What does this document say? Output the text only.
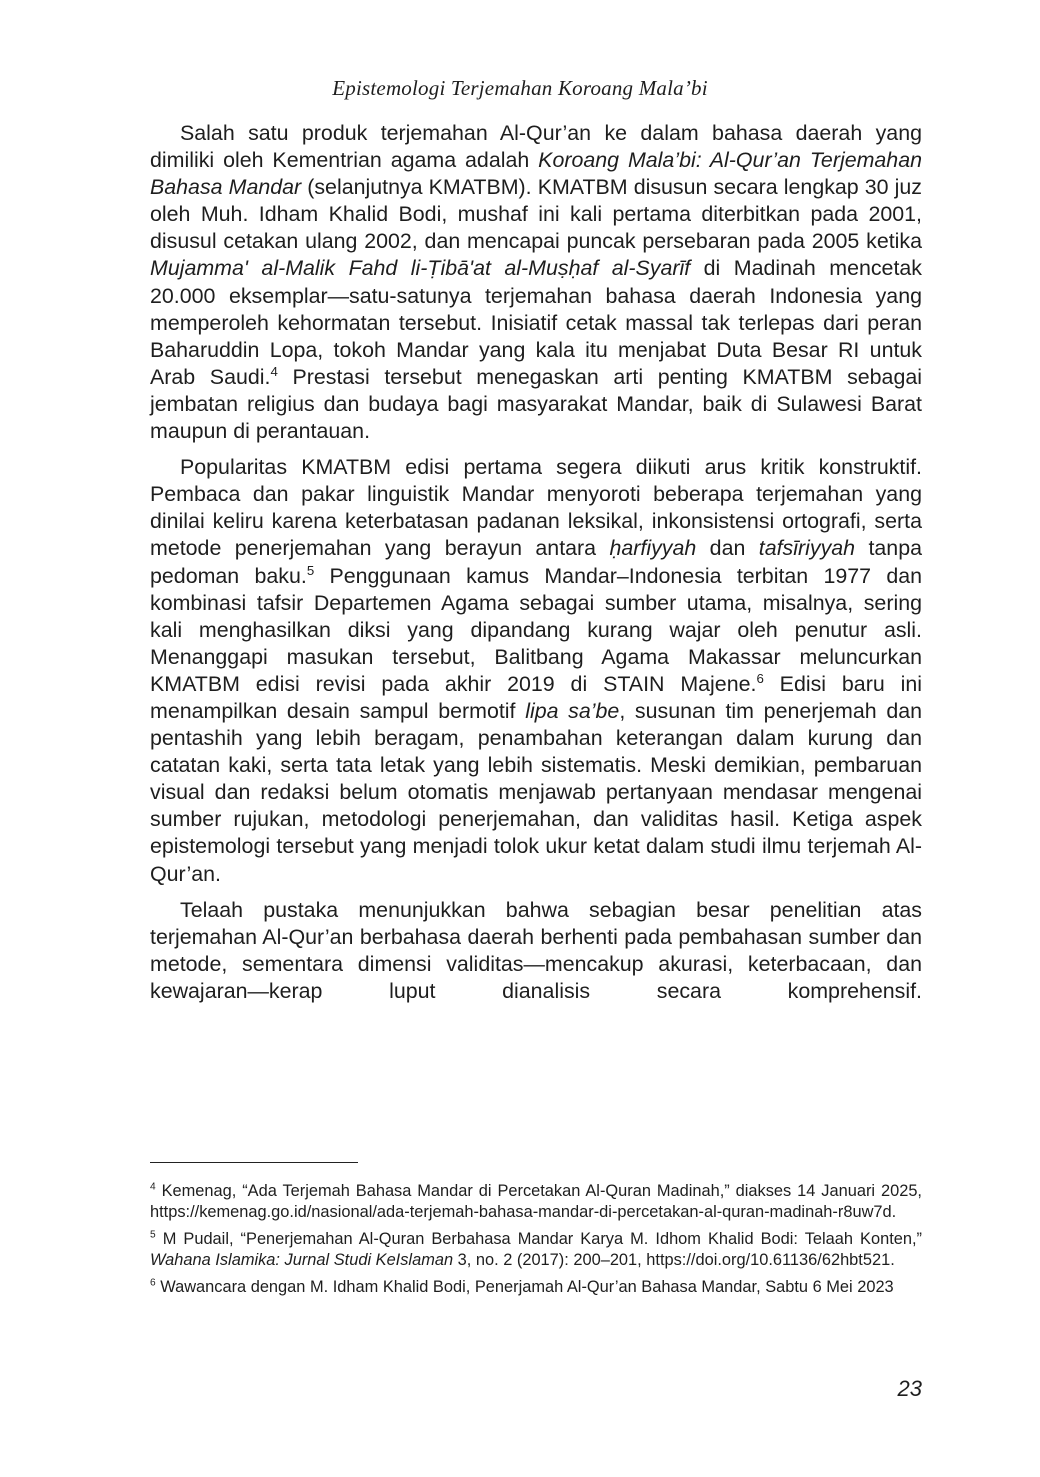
Epistemologi Terjemahan Koroang Mala’bi

Salah satu produk terjemahan Al-Qur’an ke dalam bahasa daerah yang dimiliki oleh Kementrian agama adalah Koroang Mala’bi: Al-Qur’an Terjemahan Bahasa Mandar (selanjutnya KMATBM). KMATBM disusun secara lengkap 30 juz oleh Muh. Idham Khalid Bodi, mushaf ini kali pertama diterbitkan pada 2001, disusul cetakan ulang 2002, dan mencapai puncak persebaran pada 2005 ketika Mujamma' al-Malik Fahd li-Ṭibā'at al-Muṣḥaf al-Syarīf di Madinah mencetak 20.000 eksemplar—satu-satunya terjemahan bahasa daerah Indonesia yang memperoleh kehormatan tersebut. Inisiatif cetak massal tak terlepas dari peran Baharuddin Lopa, tokoh Mandar yang kala itu menjabat Duta Besar RI untuk Arab Saudi.$^4$ Prestasi tersebut menegaskan arti penting KMATBM sebagai jembatan religius dan budaya bagi masyarakat Mandar, baik di Sulawesi Barat maupun di perantauan.

Popularitas KMATBM edisi pertama segera diikuti arus kritik konstruktif. Pembaca dan pakar linguistik Mandar menyoroti beberapa terjemahan yang dinilai keliru karena keterbatasan padanan leksikal, inkonsistensi ortografi, serta metode penerjemahan yang berayun antara ḥarfiyyah dan tafsīriyyah tanpa pedoman baku.$^5$ Penggunaan kamus Mandar–Indonesia terbitan 1977 dan kombinasi tafsir Departemen Agama sebagai sumber utama, misalnya, sering kali menghasilkan diksi yang dipandang kurang wajar oleh penutur asli. Menanggapi masukan tersebut, Balitbang Agama Makassar meluncurkan KMATBM edisi revisi pada akhir 2019 di STAIN Majene.$^6$ Edisi baru ini menampilkan desain sampul bermotif lipa sa’be, susunan tim penerjemah dan pentashih yang lebih beragam, penambahan keterangan dalam kurung dan catatan kaki, serta tata letak yang lebih sistematis. Meski demikian, pembaruan visual dan redaksi belum otomatis menjawab pertanyaan mendasar mengenai sumber rujukan, metodologi penerjemahan, dan validitas hasil. Ketiga aspek epistemologi tersebut yang menjadi tolok ukur ketat dalam studi ilmu terjemah Al-Qur’an.

Telaah pustaka menunjukkan bahwa sebagian besar penelitian atas terjemahan Al-Qur’an berbahasa daerah berhenti pada pembahasan sumber dan metode, sementara dimensi validitas—mencakup akurasi, keterbacaan, dan kewajaran—kerap luput dianalisis secara komprehensif.

$^4$ Kemenag, “Ada Terjemah Bahasa Mandar di Percetakan Al-Quran Madinah,” diakses 14 Januari 2025, https://kemenag.go.id/nasional/ada-terjemah-bahasa-mandar-di-percetakan-al-quran-madinah-r8uw7d.

$^5$ M Pudail, “Penerjemahan Al-Quran Berbahasa Mandar Karya M. Idhom Khalid Bodi: Telaah Konten,” Wahana Islamika: Jurnal Studi KeIslaman 3, no. 2 (2017): 200–201, https://doi.org/10.61136/62hbt521.

$^6$ Wawancara dengan M. Idham Khalid Bodi, Penerjamah Al-Qur’an Bahasa Mandar, Sabtu 6 Mei 2023

23
